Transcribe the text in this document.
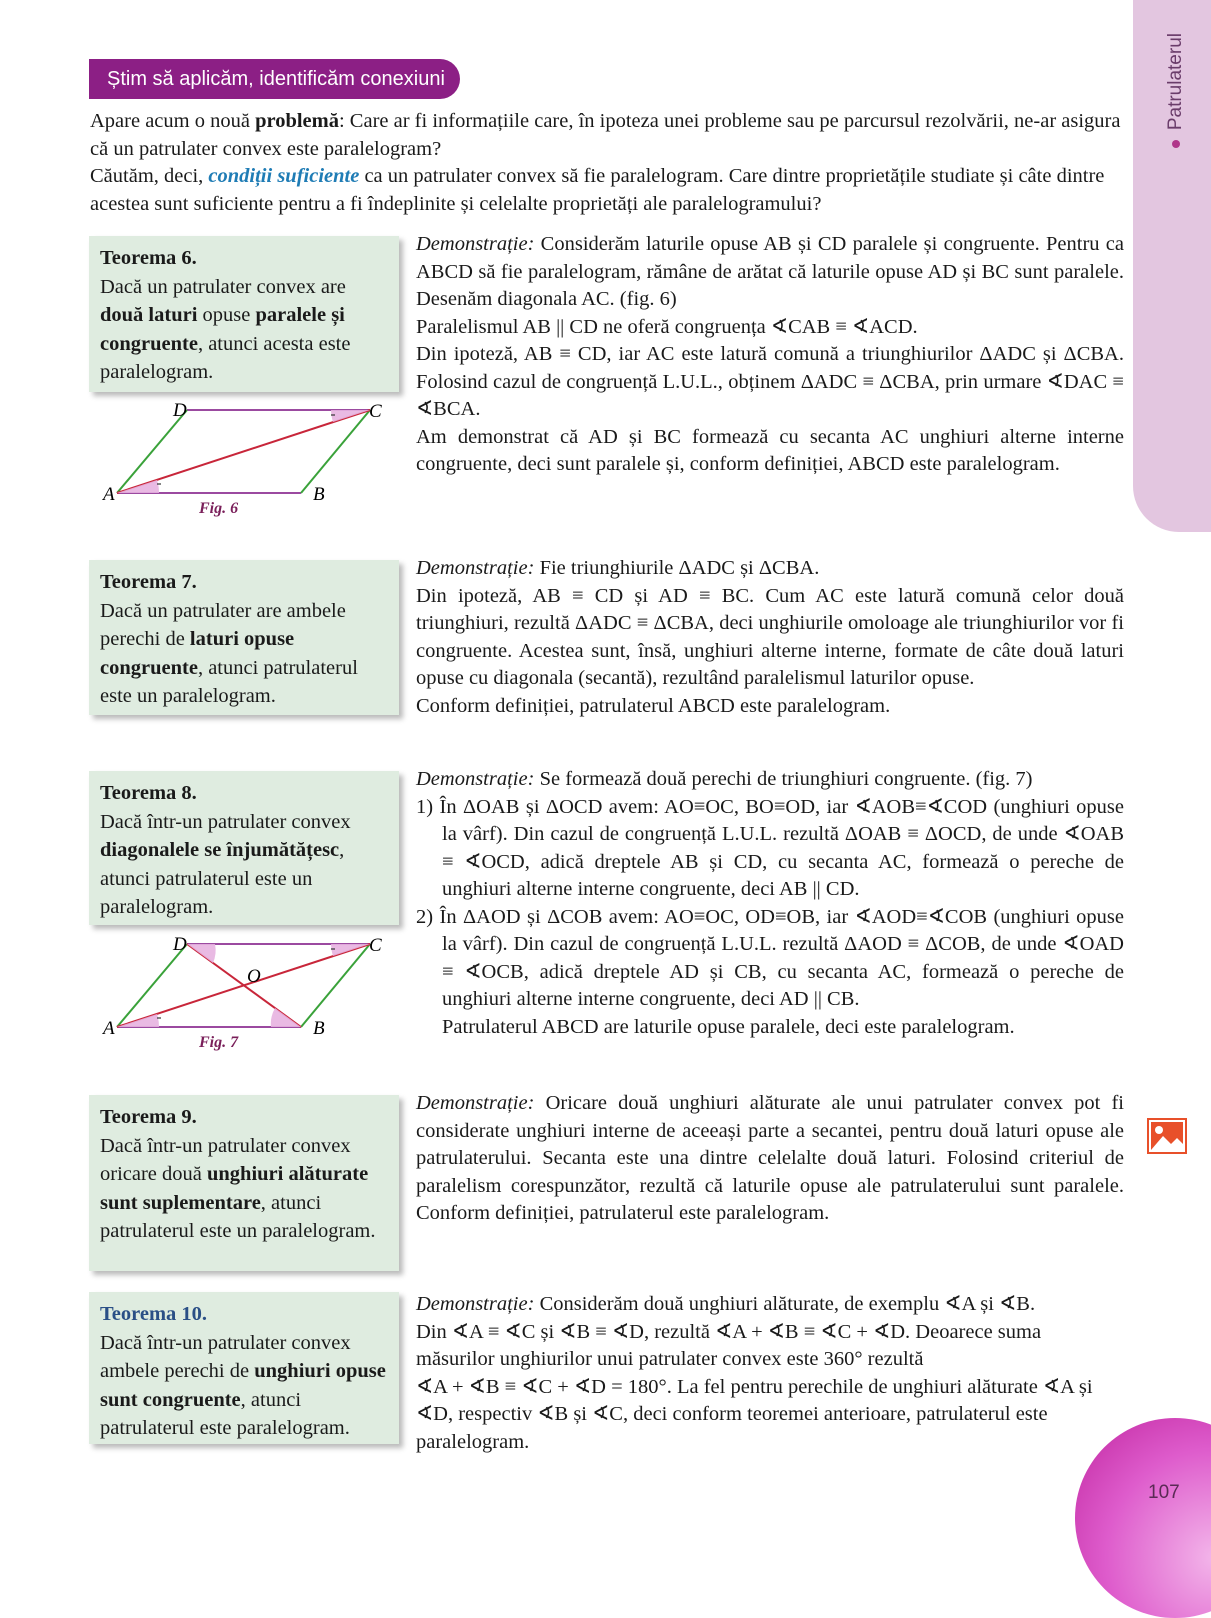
Patrulaterul
Știm să aplicăm, identificăm conexiuni

Apare acum o nouă problemă: Care ar fi informațiile care, în ipoteza unei probleme sau pe parcursul rezolvării, ne-ar asigura că un patrulater convex este paralelogram?

Căutăm, deci, condiții suficiente ca un patrulater convex să fie paralelogram. Care dintre proprietățile studiate și câte dintre acestea sunt suficiente pentru a fi îndeplinite și celelalte proprietăți ale paralelogramului?

Teorema 6.

Dacă un patrulater convex are două laturi opuse paralele și congruente, atunci acesta este paralelogram.

D	C
A	B
Fig. 6

Demonstrație: Considerăm laturile opuse AB și CD paralele și congruente. Pentru ca ABCD să fie paralelogram, rămâne de arătat că laturile opuse AD și BC sunt paralele. Desenăm diagonala AC. (fig. 6)

Paralelismul AB || CD ne oferă congruența ∢CAB ≡ ∢ACD.

Din ipoteză, AB ≡ CD, iar AC este latură comună a triunghiurilor ΔADC și ΔCBA. Folosind cazul de congruență L.U.L., obținem ΔADC ≡ ΔCBA, prin urmare ∢DAC ≡ ∢BCA.

Am demonstrat că AD și BC formează cu secanta AC unghiuri alterne interne congruente, deci sunt paralele și, conform definiției, ABCD este paralelogram.

Teorema 7.

Dacă un patrulater are ambele perechi de laturi opuse congruente, atunci patrulaterul este un paralelogram.

Demonstrație: Fie triunghiurile ΔADC și ΔCBA.

Din ipoteză, AB ≡ CD și AD ≡ BC. Cum AC este latură comună celor două triunghiuri, rezultă ΔADC ≡ ΔCBA, deci unghiurile omoloage ale triunghiurilor vor fi congruente. Acestea sunt, însă, unghiuri alterne interne, formate de câte două laturi opuse cu diagonala (secantă), rezultând paralelismul laturilor opuse.

Conform definiției, patrulaterul ABCD este paralelogram.

Teorema 8.

Dacă într-un patrulater convex diagonalele se înjumătățesc, atunci patrulaterul este un paralelogram.

D	C
A	B
O
Fig. 7

Demonstrație: Se formează două perechi de triunghiuri congruente. (fig. 7)

1) În ΔOAB și ΔOCD avem: AO≡OC, BO≡OD, iar ∢AOB≡∢COD (unghiuri opuse la vârf). Din cazul de congruență L.U.L. rezultă ΔOAB ≡ ΔOCD, de unde ∢OAB ≡ ∢OCD, adică dreptele AB și CD, cu secanta AC, formează o pereche de unghiuri alterne interne congruente, deci AB || CD.
2) În ΔAOD și ΔCOB avem: AO≡OC, OD≡OB, iar ∢AOD≡∢COB (unghiuri opuse la vârf). Din cazul de congruență L.U.L. rezultă ΔAOD ≡ ΔCOB, de unde ∢OAD ≡ ∢OCB, adică dreptele AD și CB, cu secanta AC, formează o pereche de unghiuri alterne interne congruente, deci AD || CB.

Patrulaterul ABCD are laturile opuse paralele, deci este paralelogram.

Teorema 9.

Dacă într-un patrulater convex oricare două unghiuri alăturate sunt suplementare, atunci patrulaterul este un paralelogram.

Demonstrație: Oricare două unghiuri alăturate ale unui patrulater convex pot fi considerate unghiuri interne de aceeași parte a secantei, pentru două laturi opuse ale patrulaterului. Secanta este una dintre celelalte două laturi. Folosind criteriul de paralelism corespunzător, rezultă că laturile opuse ale patrulaterului sunt paralele. Conform definiției, patrulaterul este paralelogram.

Teorema 10.

Dacă într-un patrulater convex ambele perechi de unghiuri opuse sunt congruente, atunci patrulaterul este paralelogram.

Demonstrație: Considerăm două unghiuri alăturate, de exemplu ∢A și ∢B.

Din ∢A ≡ ∢C și ∢B ≡ ∢D, rezultă ∢A + ∢B ≡ ∢C + ∢D. Deoarece suma măsurilor unghiurilor unui patrulater convex este 360° rezultă

∢A + ∢B ≡ ∢C + ∢D = 180°. La fel pentru perechile de unghiuri alăturate ∢A și ∢D, respectiv ∢B și ∢C, deci conform teoremei anterioare, patrulaterul este paralelogram.

107
